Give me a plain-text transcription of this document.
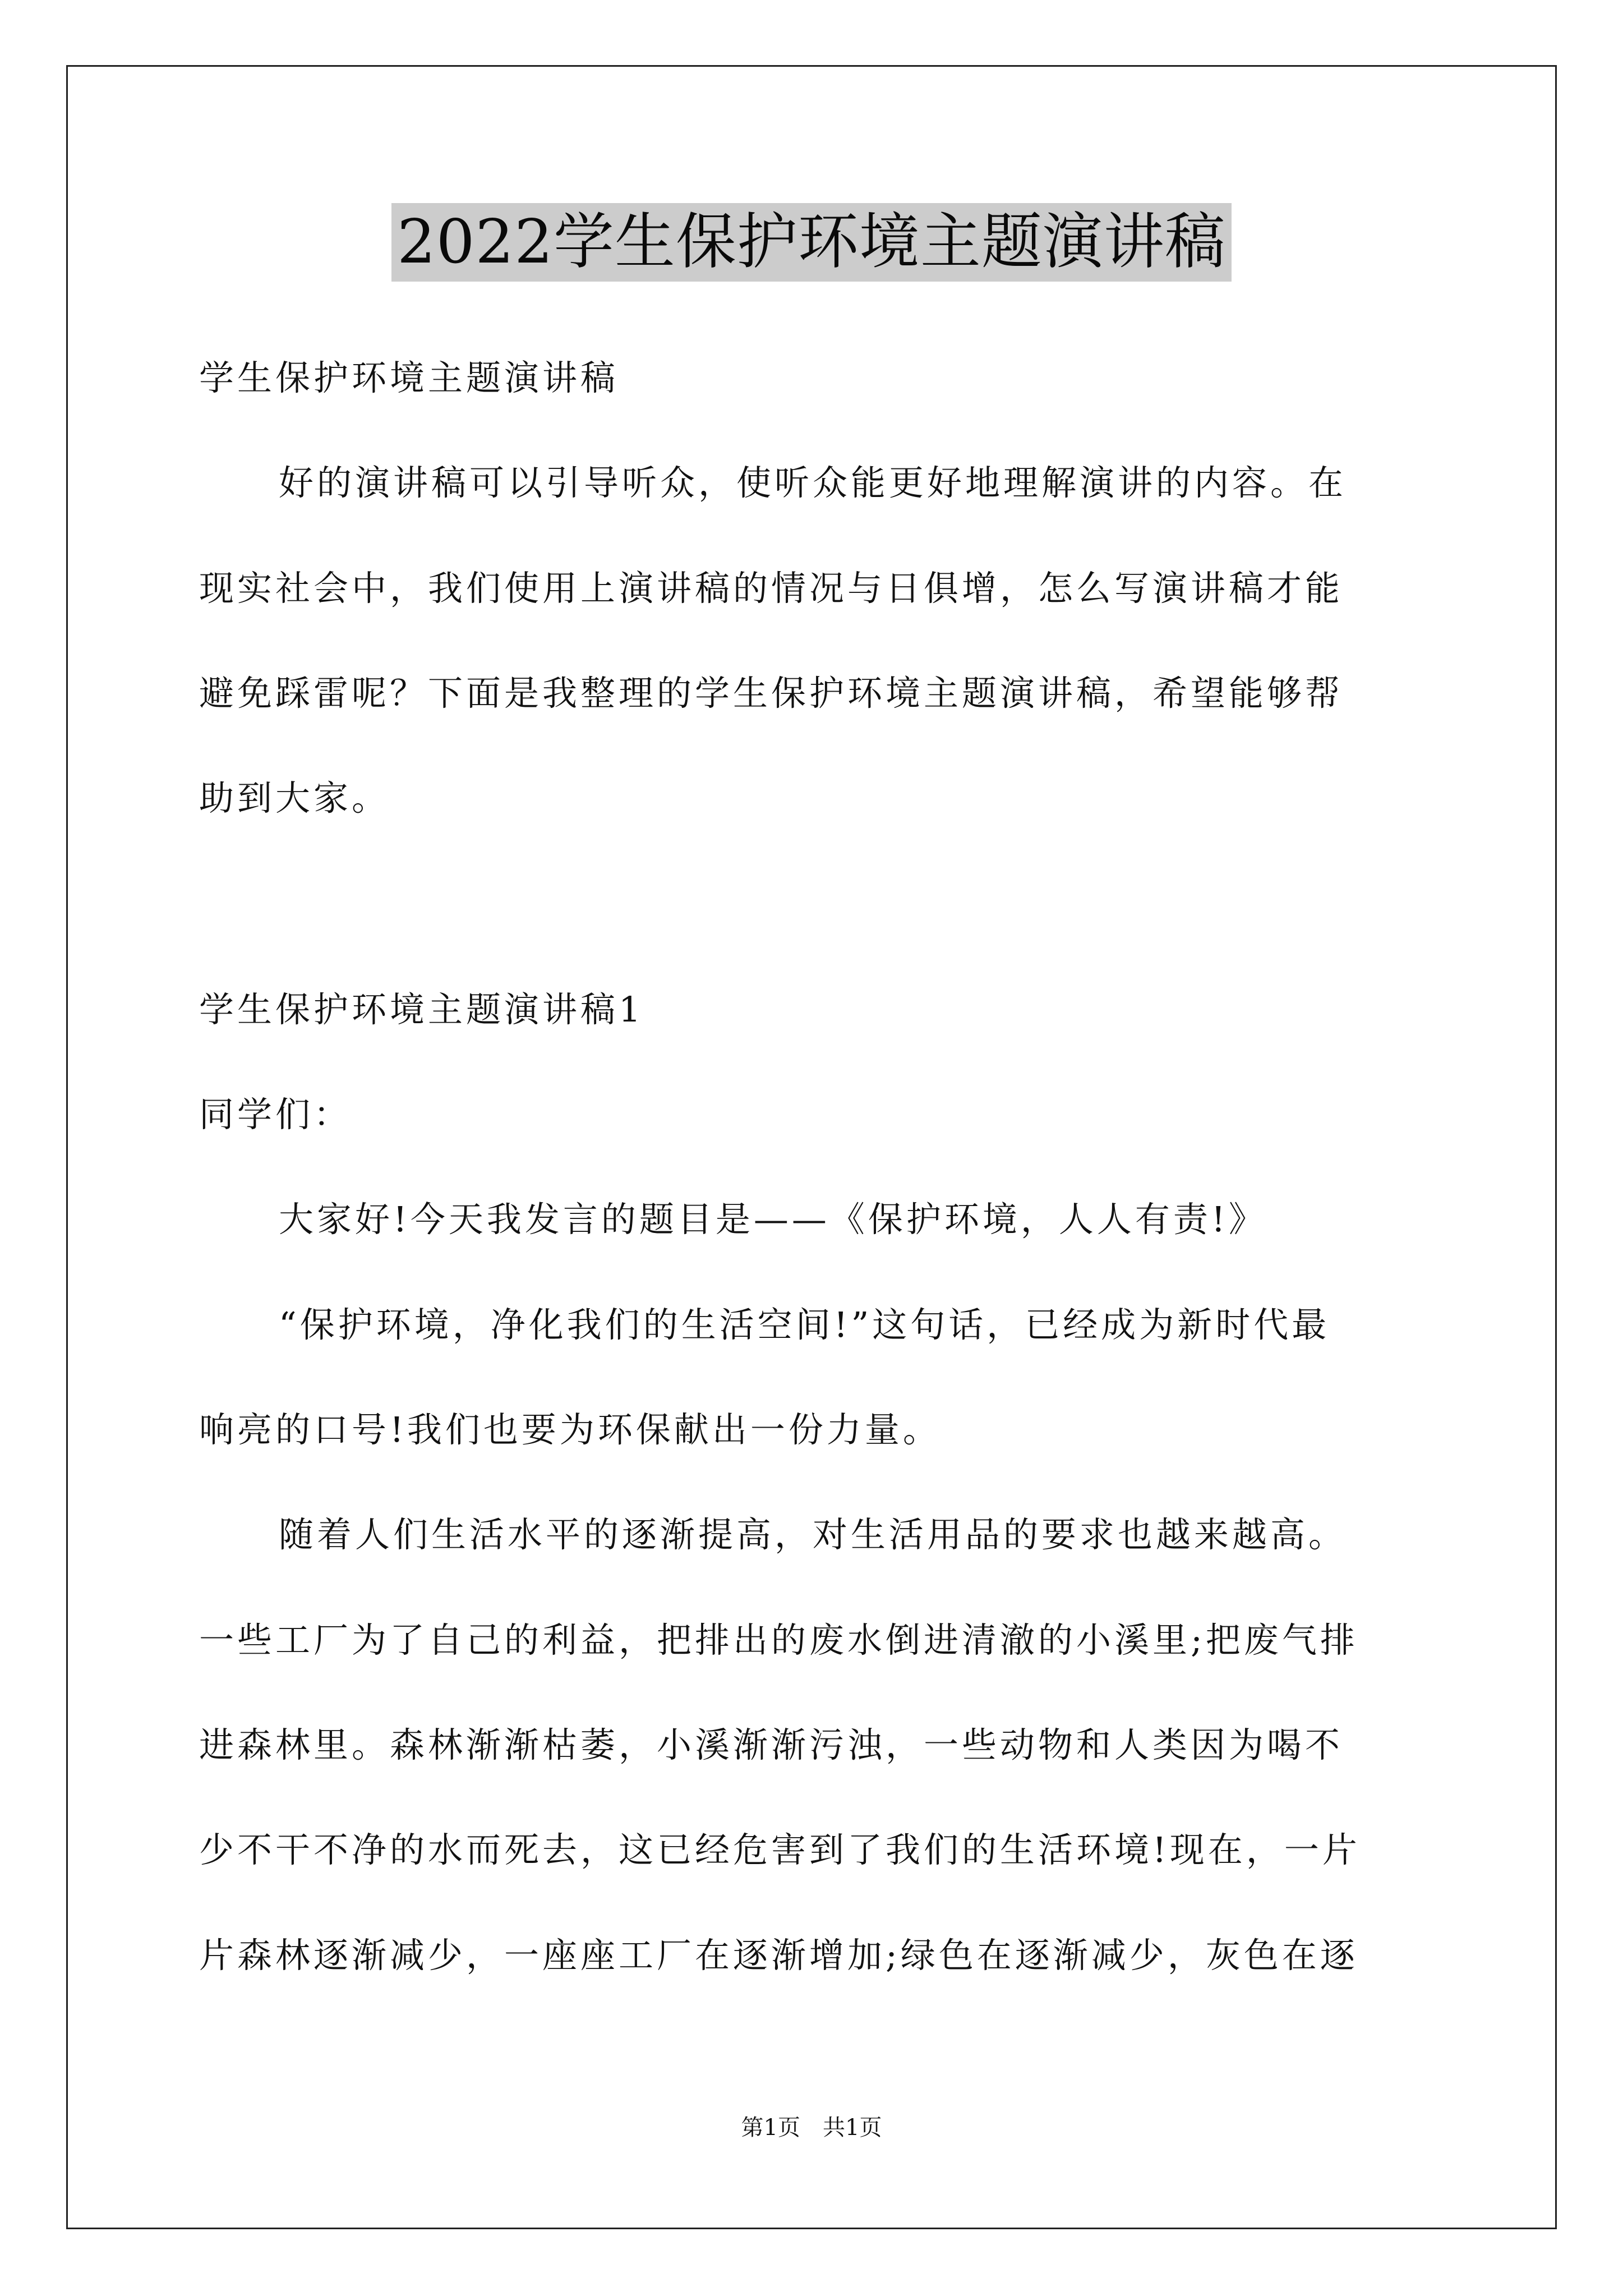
2022学生保护环境主题演讲稿
学生保护环境主题演讲稿
好的演讲稿可以引导听众，使听众能更好地理解演讲的内容。在
现实社会中，我们使用上演讲稿的情况与日俱增，怎么写演讲稿才能
避免踩雷呢？下面是我整理的学生保护环境主题演讲稿，希望能够帮
助到大家。
学生保护环境主题演讲稿1
同学们：
大家好!今天我发言的题目是——《保护环境，人人有责!》
“保护环境，净化我们的生活空间!”这句话，已经成为新时代最
响亮的口号!我们也要为环保献出一份力量。
随着人们生活水平的逐渐提高，对生活用品的要求也越来越高。
一些工厂为了自己的利益，把排出的废水倒进清澈的小溪里;把废气排
进森林里。森林渐渐枯萎，小溪渐渐污浊，一些动物和人类因为喝不
少不干不净的水而死去，这已经危害到了我们的生活环境!现在，一片
片森林逐渐减少，一座座工厂在逐渐增加;绿色在逐渐减少，灰色在逐
第1页　共1页
